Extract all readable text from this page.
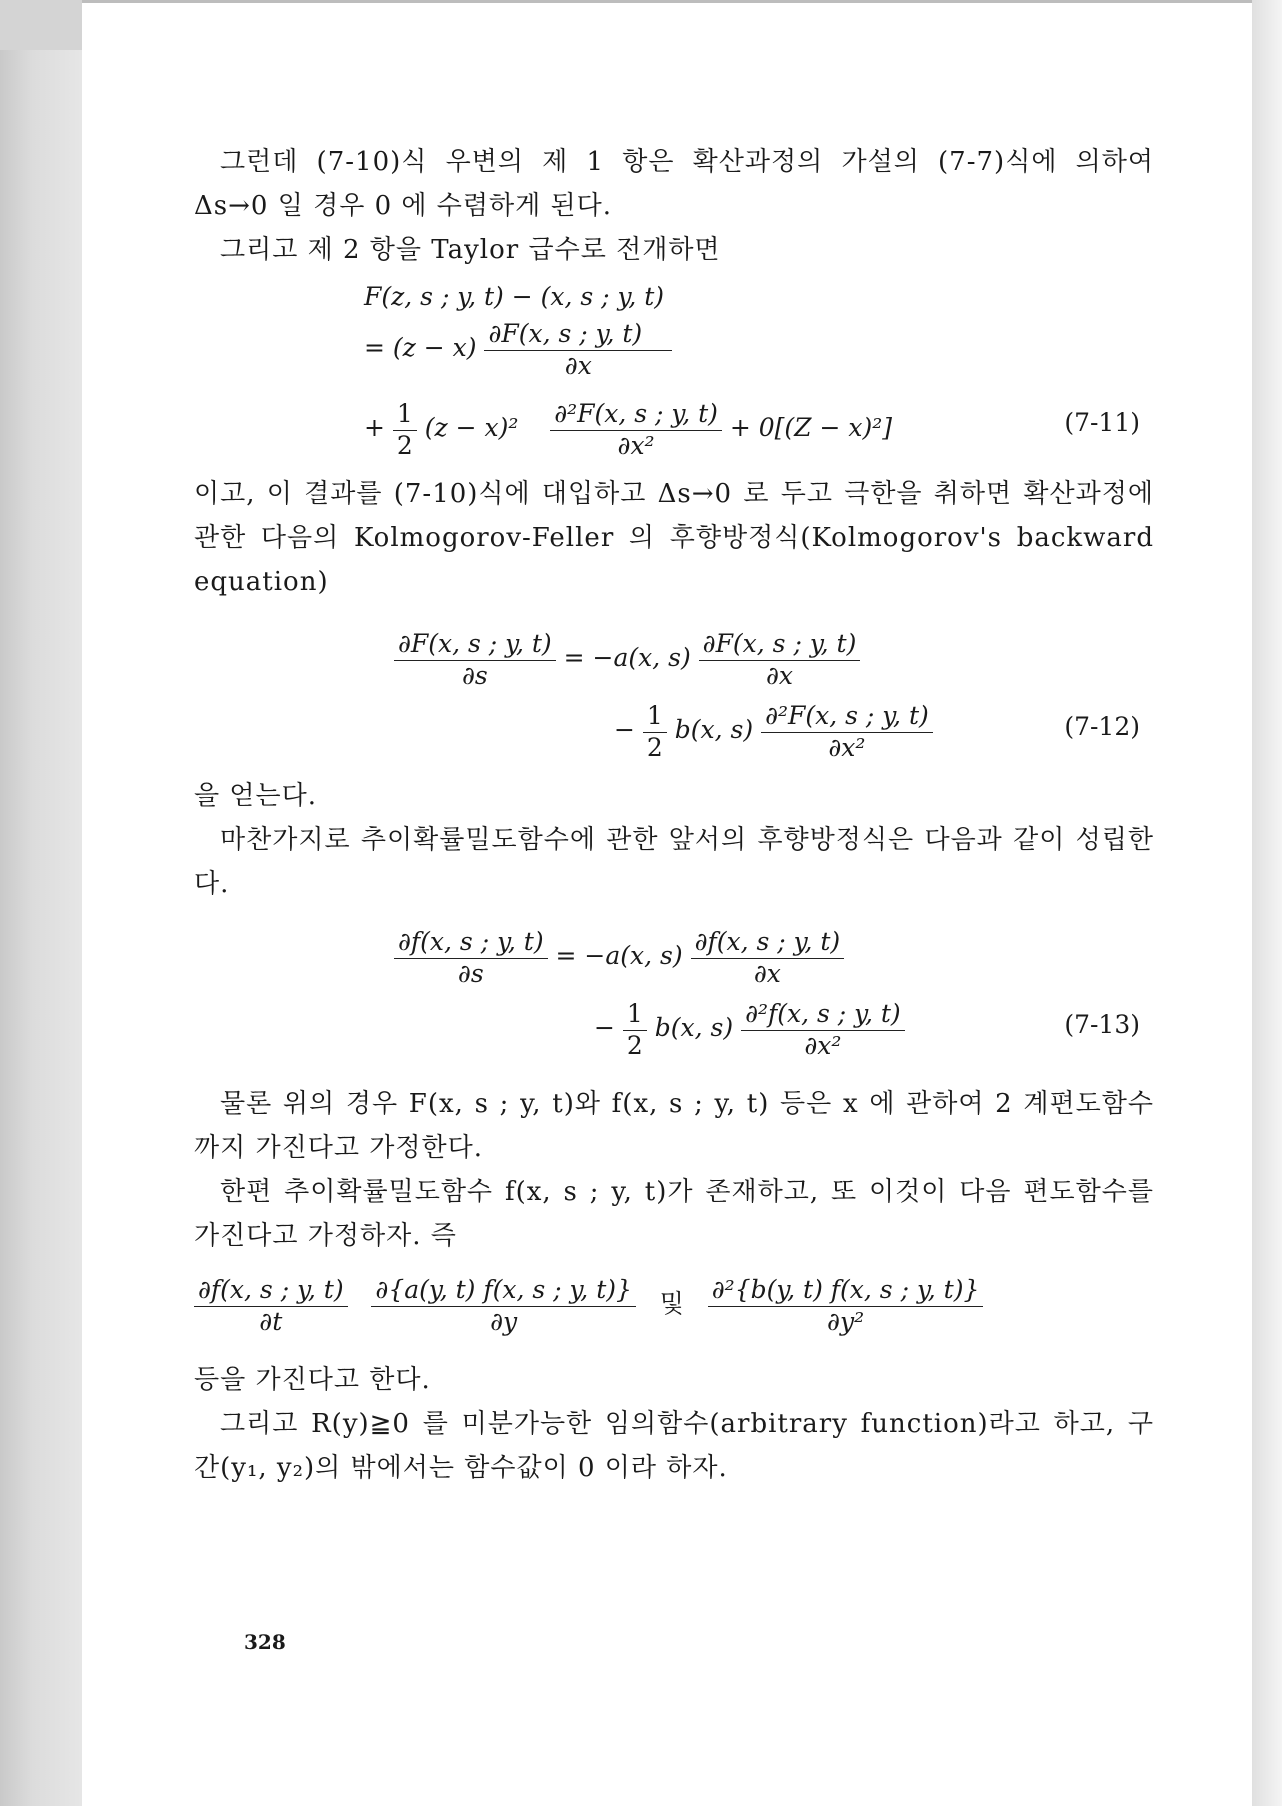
그런데 (7-10)식 우변의 제 1 항은 확산과정의 가설의 (7-7)식에 의하여 Δs→0 일 경우 0 에 수렴하게 된다.

그리고 제 2 항을 Taylor 급수로 전개하면

F(z, s ; y, t) − (x, s ; y, t)
= $(z - x) \frac{\partial F(x, s ; y, t)}{\partial x}$
+ $\frac{1}{2} (z - x)^2 \frac{\text{∂²F(x, s ; y, t)}}{\text{∂x²}} + 0[(Z - x)^2]$	(7-11)

이고, 이 결과를 (7-10)식에 대입하고 Δs→0 로 두고 극한을 취하면 확산과정에 관한 다음의 Kolmogorov-Feller 의 후향방정식(Kolmogorov's backward equation)

$\frac{\partial F(x, s ; y, t)}{\partial s} = -a(x$, $s) \frac{\partial F(x, s ; y, t)}{\partial x}$
− $\frac{1}{2} b(x$, $s) \frac{\text{∂²F(x, s ; y, t)}}{\text{∂x²}}$	(7-12)

을 얻는다.

마찬가지로 추이확률밀도함수에 관한 앞서의 후향방정식은 다음과 같이 성립한다.

$\frac{\partial f(x, s ; y, t)}{\partial s} = -a(x$, $s) \frac{\partial f(x, s ; y, t)}{\partial x}$
− $\frac{1}{2} b(x$, $s) \frac{\text{∂²f(x, s ; y, t)}}{\text{∂x²}}$	(7-13)

물론 위의 경우 F(x, s ; y, t)와 f(x, s ; y, t) 등은 x 에 관하여 2 계편도함수까지 가진다고 가정한다.

한편 추이확률밀도함수 f(x, s ; y, t)가 존재하고, 또 이것이 다음 편도함수를 가진다고 가정하자. 즉

$\frac{\partial f(x, s ; y, t)}{\partial t}$
$\frac{\partial\{a(y, t) f(x, s ; y, t)\}}{\partial y}$ 및 $\frac{\text{∂²\{b(y, t) f(x, s ; y, t)\}}}{\text{∂y²}}$

등을 가진다고 한다.

그리고 R(y)≧0 를 미분가능한 임의함수(arbitrary function)라고 하고, 구간(y₁, y₂)의 밖에서는 함수값이 0 이라 하자.

328
